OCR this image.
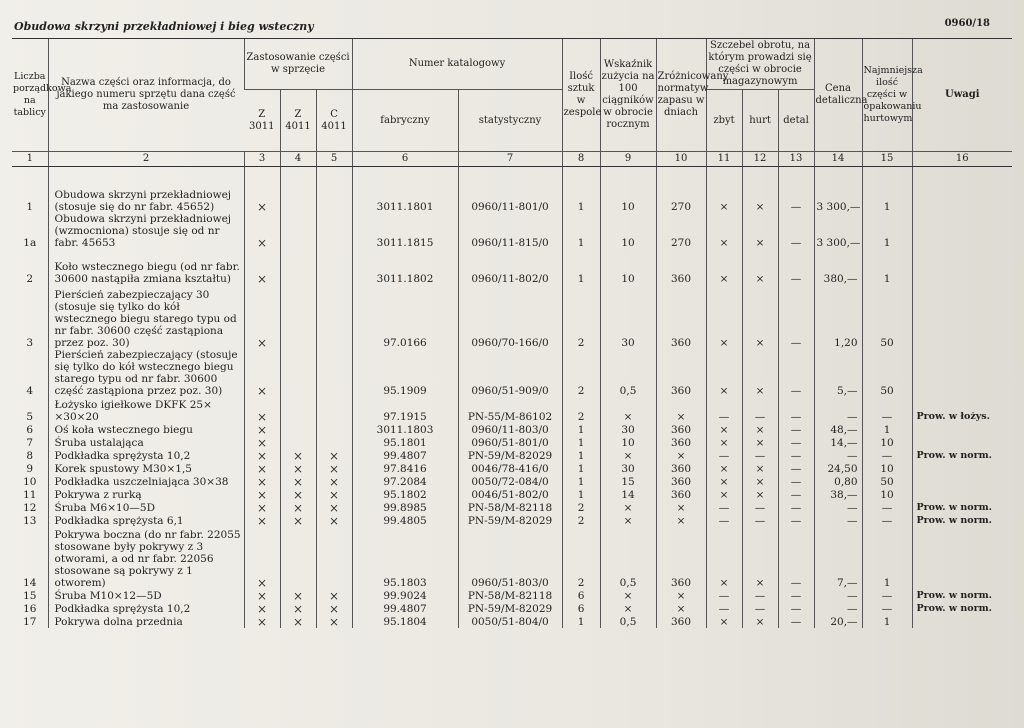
Obudowa skrzyni przekładniowej i bieg wsteczny	0960/18
Liczba porządkowa na tablicy	Nazwa części oraz informacja, do jakiego numeru sprzętu dana część ma zastosowanie	Zastosowanie części w sprzęcie			Numer katalogowy		Ilość sztuk w zespole	Wskaźnik zużycia na 100 ciągników w obrocie rocznym	Zróżnicowany normatyw zapasu w dniach	Szczebel obrotu, na którym prowadzi się części w obrocie magazynowym			Cena detaliczna	Najmniejsza ilość części w opakowaniu hurtowym	Uwagi
		Z 3011	Z 4011	C 4011	fabryczny	statystyczny				zbyt	hurt	detal			
1	2	3	4	5	6	7	8	9	10	11	12	13	14	15	16

1	Obudowa skrzyni przekładniowej (stosuje się do nr fabr. 45652)	×			3011.1801	0960/11-801/0	1	10	270	×	×	—	3 300,—	1	
1a	Obudowa skrzyni przekładniowej (wzmocniona) stosuje się od nr fabr. 45653	×			3011.1815	0960/11-815/0	1	10	270	×	×	—	3 300,—	1	
2	Koło wstecznego biegu (od nr fabr. 30600 nastąpiła zmiana kształtu)	×			3011.1802	0960/11-802/0	1	10	360	×	×	—	380,—	1	
3	Pierścień zabezpieczający 30 (stosuje się tylko do kół wstecznego biegu starego typu od nr fabr. 30600 część zastąpiona przez poz. 30)	×			97.0166	0960/70-166/0	2	30	360	×	×	—	1,20	50	
4	Pierścień zabezpieczający (stosuje się tylko do kół wstecznego biegu starego typu od nr fabr. 30600 część zastąpiona przez poz. 30)	×			95.1909	0960/51-909/0	2	0,5	360	×	×	—	5,—	50	
5	Łożysko igiełkowe DKFK 25× ×30×20	×			97.1915	PN-55/M-86102	2	×	×	—	—	—	—	—	Prow. w łożys.
6	Oś koła wstecznego biegu	×			3011.1803	0960/11-803/0	1	30	360	×	×	—	48,—	1	
7	Śruba ustalająca	×			95.1801	0960/51-801/0	1	10	360	×	×	—	14,—	10	
8	Podkładka sprężysta 10,2	×	×	×	99.4807	PN-59/M-82029	1	×	×	—	—	—	—	—	Prow. w norm.
9	Korek spustowy M30×1,5	×	×	×	97.8416	0046/78-416/0	1	30	360	×	×	—	24,50	10	
10	Podkładka uszczelniająca 30×38	×	×	×	97.2084	0050/72-084/0	1	15	360	×	×	—	0,80	50	
11	Pokrywa z rurką	×	×	×	95.1802	0046/51-802/0	1	14	360	×	×	—	38,—	10	
12	Śruba M6×10—5D	×	×	×	99.8985	PN-58/M-82118	2	×	×	—	—	—	—	—	Prow. w norm.
13	Podkładka sprężysta 6,1	×	×	×	99.4805	PN-59/M-82029	2	×	×	—	—	—	—	—	Prow. w norm.
14	Pokrywa boczna (do nr fabr. 22055 stosowane były pokrywy z 3 otworami, a od nr fabr. 22056 stosowane są pokrywy z 1 otworem)	×			95.1803	0960/51-803/0	2	0,5	360	×	×	—	7,—	1	
15	Śruba M10×12—5D	×	×	×	99.9024	PN-58/M-82118	6	×	×	—	—	—	—	—	Prow. w norm.
16	Podkładka sprężysta 10,2	×	×	×	99.4807	PN-59/M-82029	6	×	×	—	—	—	—	—	Prow. w norm.
17	Pokrywa dolna przednia	×	×	×	95.1804	0050/51-804/0	1	0,5	360	×	×	—	20,—	1	
